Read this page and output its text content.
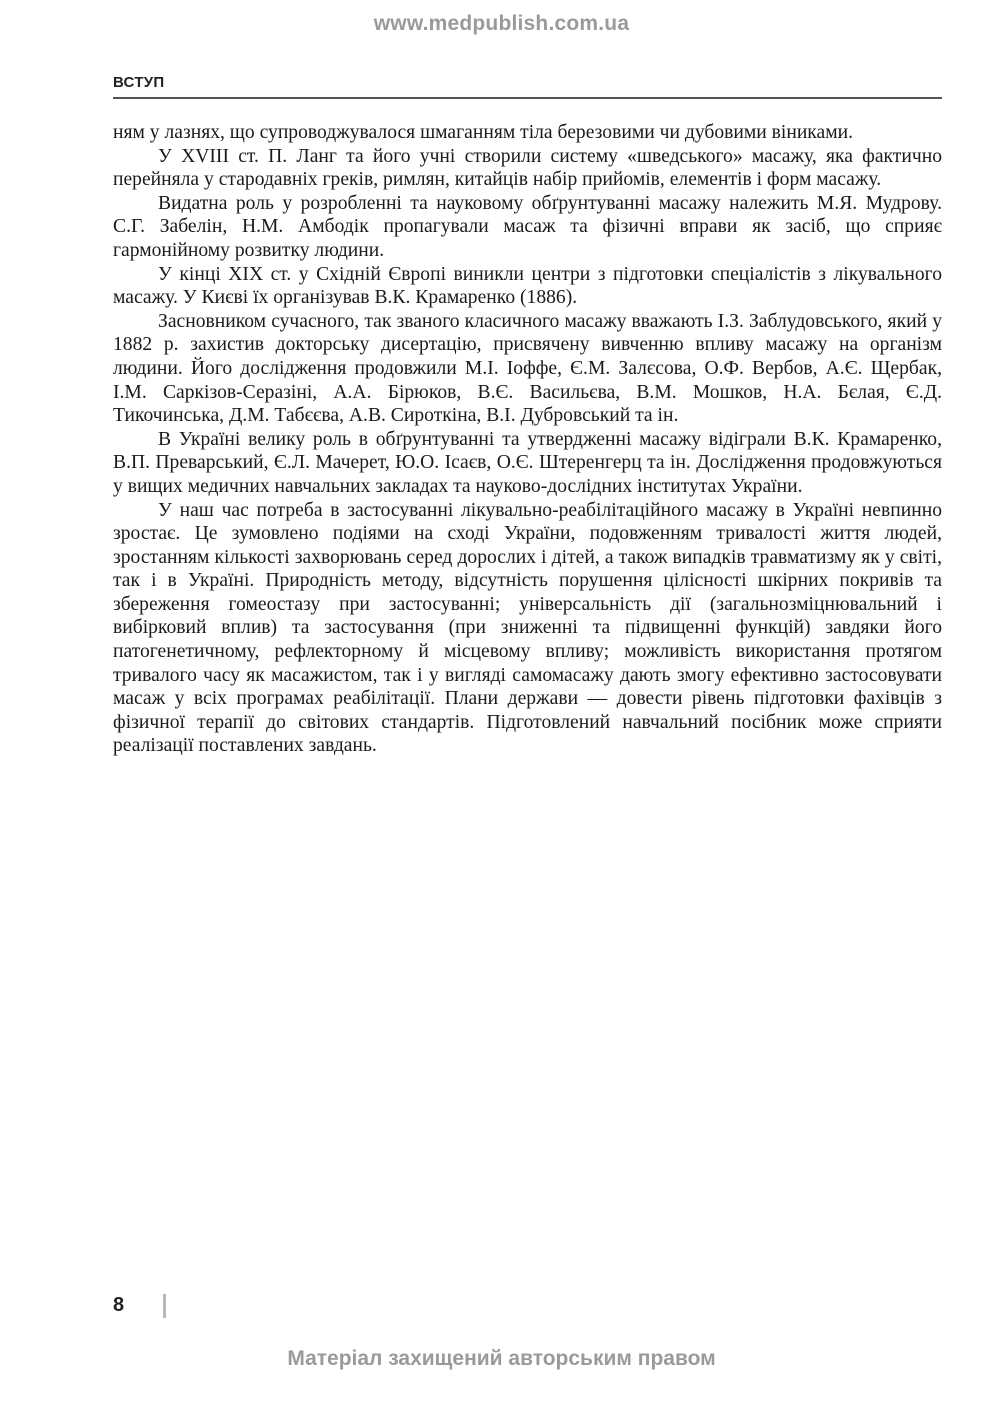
www.medpublish.com.ua
ВСТУП

ням у лазнях, що супроводжувалося шмаганням тіла березовими чи дубовими віниками.

У XVIII ст. П. Ланг та його учні створили систему «шведського» масажу, яка фактично перейняла у стародавніх греків, римлян, китайців набір прийомів, елементів і форм масажу.

Видатна роль у розробленні та науковому обґрунтуванні масажу належить М.Я. Мудрову. С.Г. Забелін, Н.М. Амбодік пропагували масаж та фізичні вправи як засіб, що сприяє гармонійному розвитку людини.

У кінці XIX ст. у Східній Європі виникли центри з підготовки спеціалістів з лікувального масажу. У Києві їх організував В.К. Крамаренко (1886).

Засновником сучасного, так званого класичного масажу вважають І.З. Заблудовського, який у 1882 р. захистив докторську дисертацію, присвячену вивченню впливу масажу на організм людини. Його дослідження продовжили М.І. Іоффе, Є.М. Залєсова, О.Ф. Вербов, А.Є. Щербак, І.М. Саркізов-Серазіні, А.А. Бірюков, В.Є. Васильєва, В.М. Мошков, Н.А. Бєлая, Є.Д. Тикочинська, Д.М. Табєєва, А.В. Сироткіна, В.І. Дубровський та ін.

В Україні велику роль в обґрунтуванні та утвердженні масажу відіграли В.К. Крамаренко, В.П. Преварський, Є.Л. Мачерет, Ю.О. Ісаєв, О.Є. Штеренгерц та ін. Дослідження продовжуються у вищих медичних навчальних закладах та науково-дослідних інститутах України.

У наш час потреба в застосуванні лікувально-реабілітаційного масажу в Україні невпинно зростає. Це зумовлено подіями на сході України, подовженням тривалості життя людей, зростанням кількості захворювань серед дорослих і дітей, а також випадків травматизму як у світі, так і в Україні. Природність методу, відсутність порушення цілісності шкірних покривів та збереження гомеостазу при застосуванні; універсальність дії (загальнозміцнювальний і вибірковий вплив) та застосування (при зниженні та підвищенні функцій) завдяки його патогенетичному, рефлекторному й місцевому впливу; можливість використання протягом тривалого часу як масажистом, так і у вигляді самомасажу дають змогу ефективно застосовувати масаж у всіх програмах реабілітації. Плани держави — довести рівень підготовки фахівців з фізичної терапії до світових стандартів. Підготовлений навчальний посібник може сприяти реалізації поставлених завдань.

8
Матеріал захищений авторським правом
